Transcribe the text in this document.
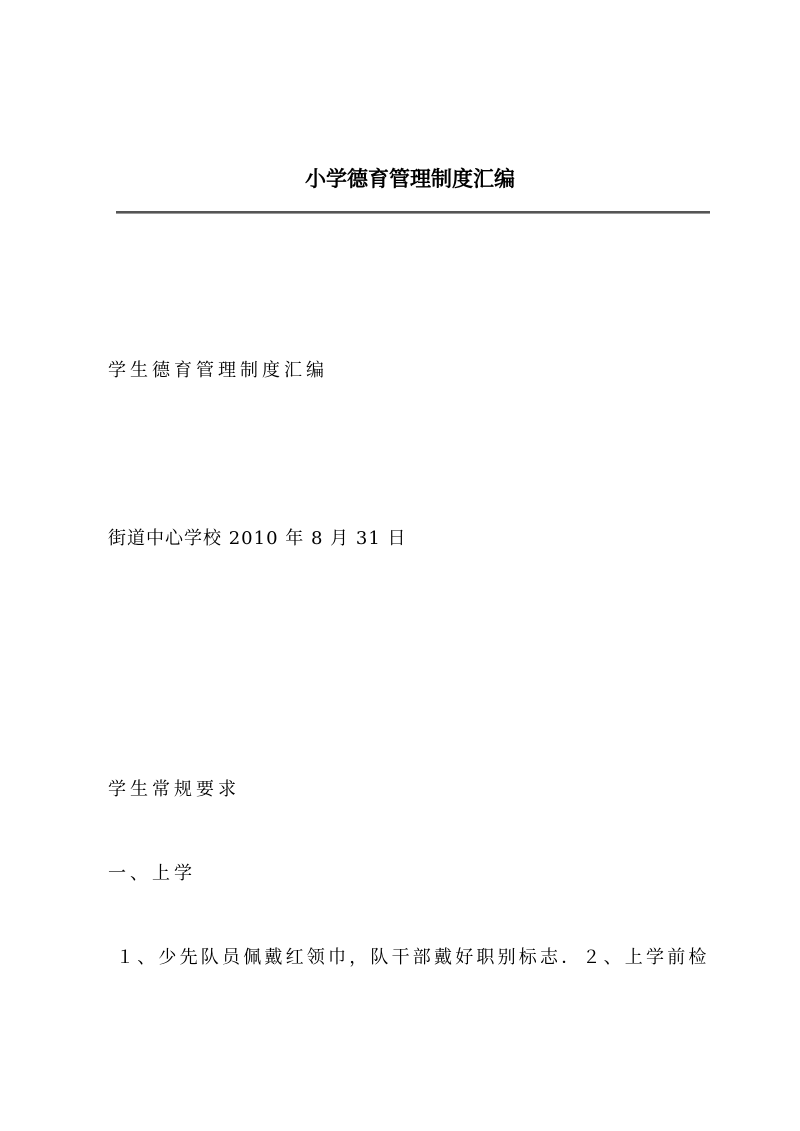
小学德育管理制度汇编
学生德育管理制度汇编
街道中心学校 2010 年 8 月 31 日
学生常规要求
一、上学
１、少先队员佩戴红领巾，队干部戴好职别标志．２、上学前检
